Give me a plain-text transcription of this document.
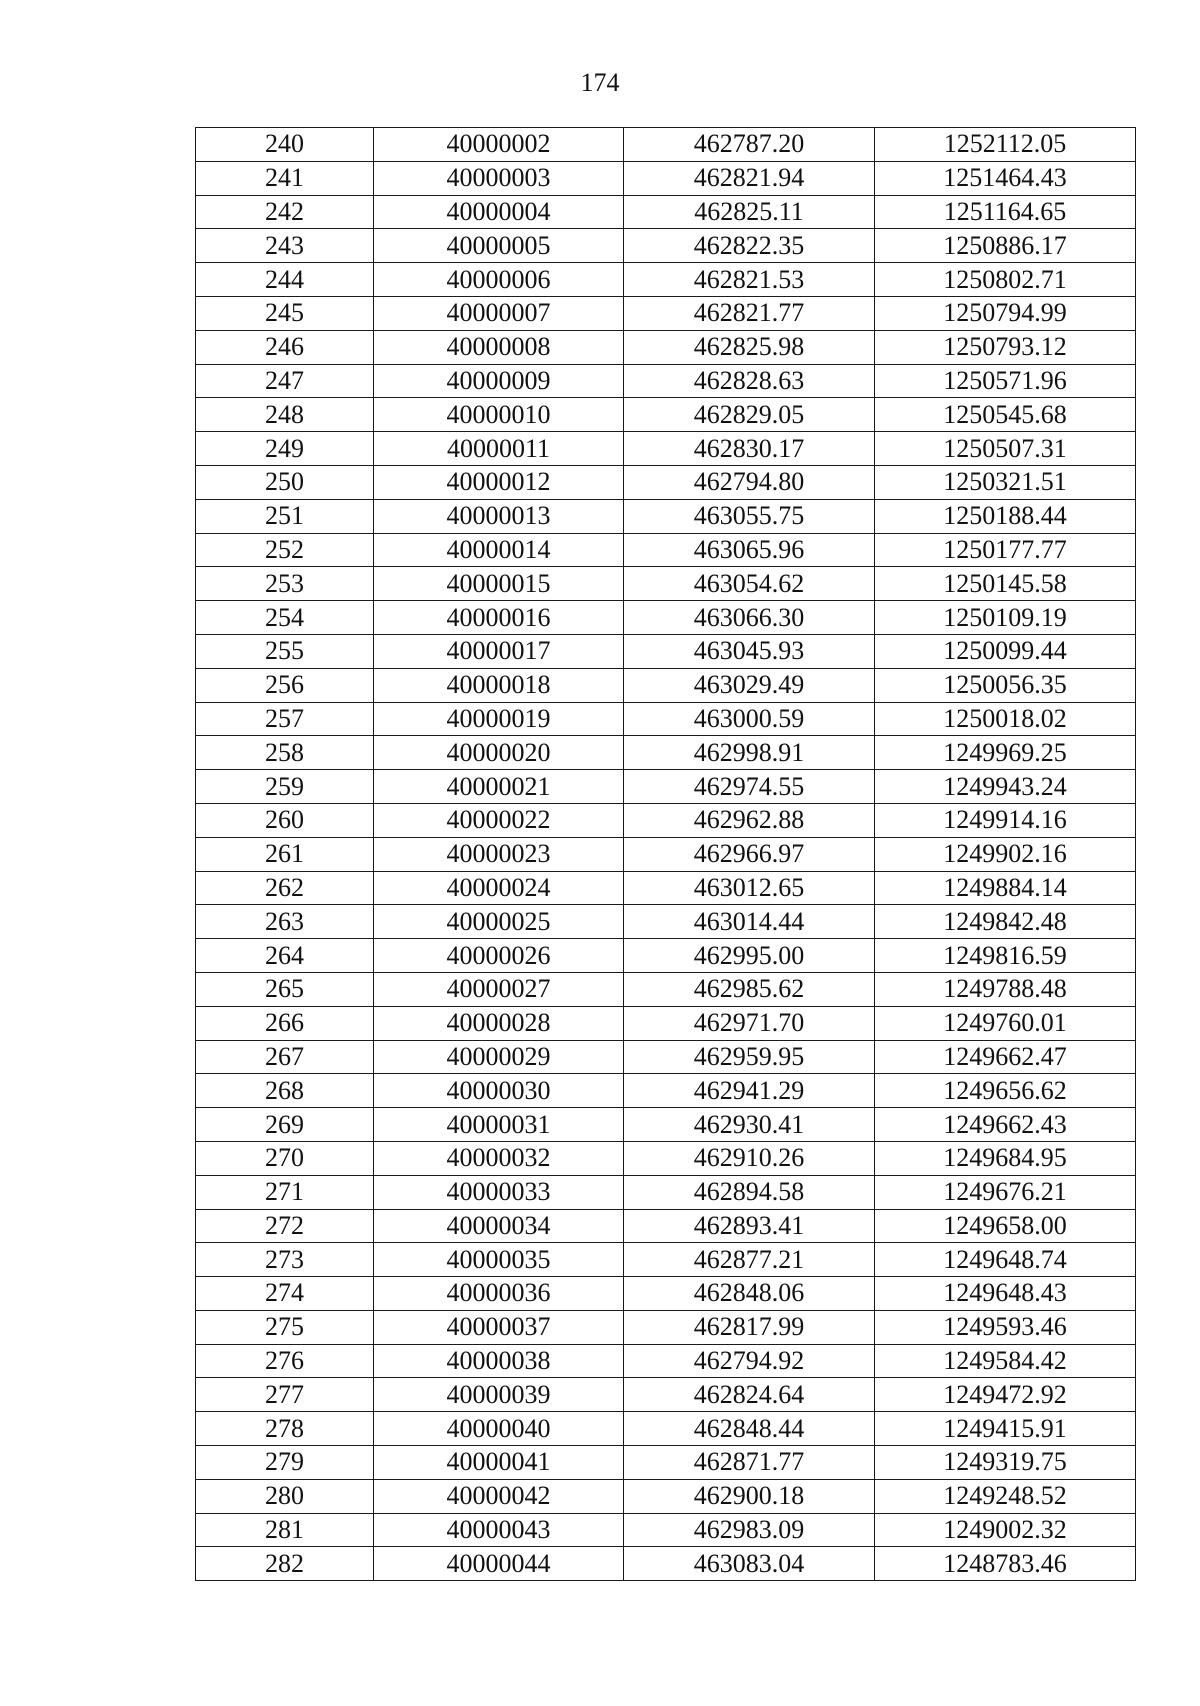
174
240	40000002	462787.20	1252112.05
241	40000003	462821.94	1251464.43
242	40000004	462825.11	1251164.65
243	40000005	462822.35	1250886.17
244	40000006	462821.53	1250802.71
245	40000007	462821.77	1250794.99
246	40000008	462825.98	1250793.12
247	40000009	462828.63	1250571.96
248	40000010	462829.05	1250545.68
249	40000011	462830.17	1250507.31
250	40000012	462794.80	1250321.51
251	40000013	463055.75	1250188.44
252	40000014	463065.96	1250177.77
253	40000015	463054.62	1250145.58
254	40000016	463066.30	1250109.19
255	40000017	463045.93	1250099.44
256	40000018	463029.49	1250056.35
257	40000019	463000.59	1250018.02
258	40000020	462998.91	1249969.25
259	40000021	462974.55	1249943.24
260	40000022	462962.88	1249914.16
261	40000023	462966.97	1249902.16
262	40000024	463012.65	1249884.14
263	40000025	463014.44	1249842.48
264	40000026	462995.00	1249816.59
265	40000027	462985.62	1249788.48
266	40000028	462971.70	1249760.01
267	40000029	462959.95	1249662.47
268	40000030	462941.29	1249656.62
269	40000031	462930.41	1249662.43
270	40000032	462910.26	1249684.95
271	40000033	462894.58	1249676.21
272	40000034	462893.41	1249658.00
273	40000035	462877.21	1249648.74
274	40000036	462848.06	1249648.43
275	40000037	462817.99	1249593.46
276	40000038	462794.92	1249584.42
277	40000039	462824.64	1249472.92
278	40000040	462848.44	1249415.91
279	40000041	462871.77	1249319.75
280	40000042	462900.18	1249248.52
281	40000043	462983.09	1249002.32
282	40000044	463083.04	1248783.46
